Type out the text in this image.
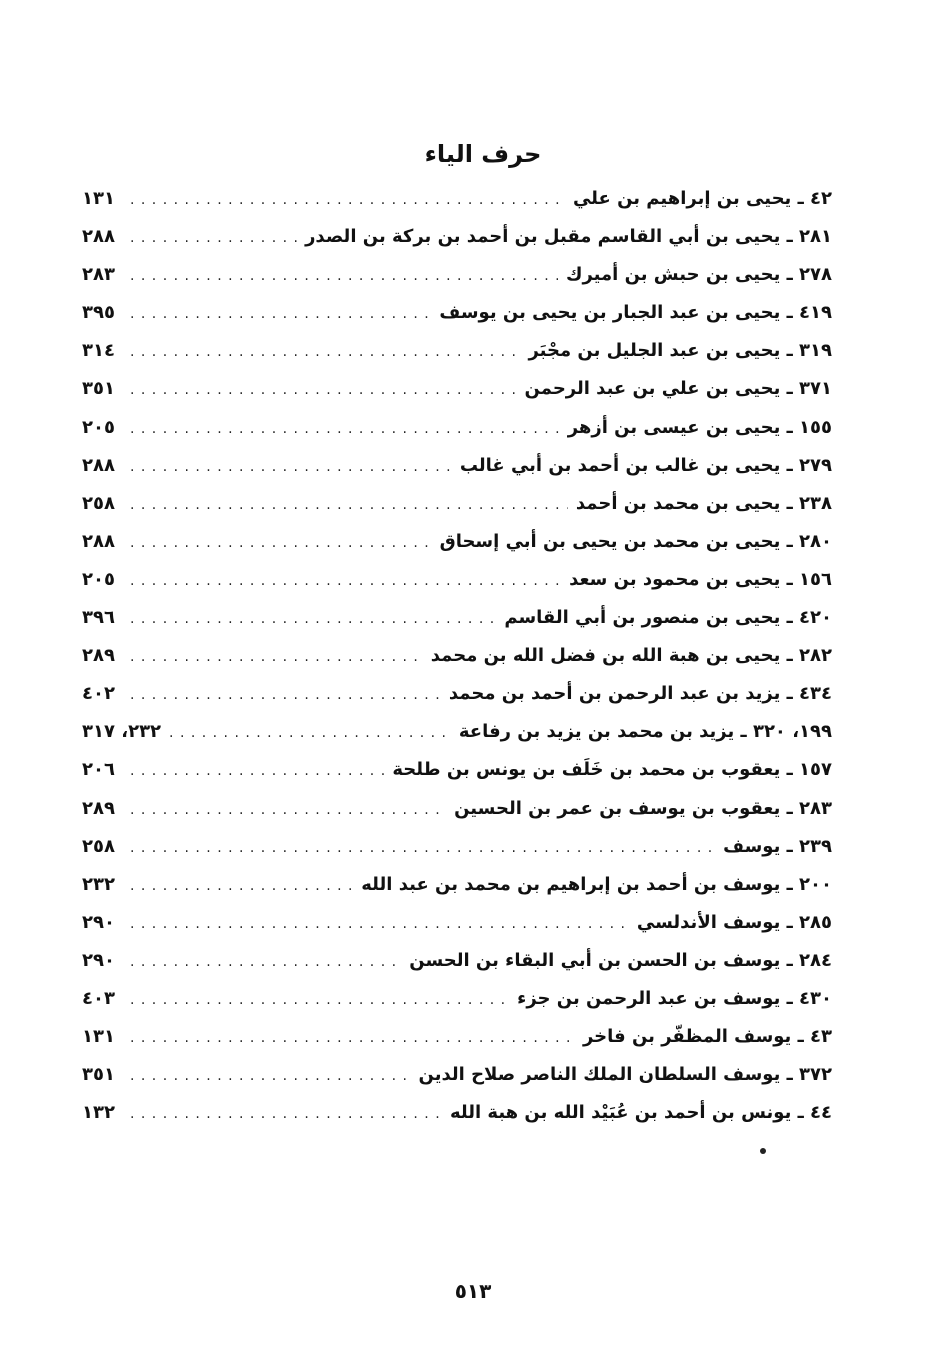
حرف الياء
٤٢ ـ يحيى بن إبراهيم بن علي
. . .
١٣١
٢٨١ ـ يحيى بن أبي القاسم مقبل بن أحمد بن بركة بن الصدر
. . .
٢٨٨
٢٧٨ ـ يحيى بن حبش بن أميرك
. . .
٢٨٣
٤١٩ ـ يحيى بن عبد الجبار بن يحيى بن يوسف
. . .
٣٩٥
٣١٩ ـ يحيى بن عبد الجليل بن مجْبَر
. . .
٣١٤
٣٧١ ـ يحيى بن علي بن عبد الرحمن
. . .
٣٥١
١٥٥ ـ يحيى بن عيسى بن أزهر
. . .
٢٠٥
٢٧٩ ـ يحيى بن غالب بن أحمد بن أبي غالب
. . .
٢٨٨
٢٣٨ ـ يحيى بن محمد بن أحمد
. . .
٢٥٨
٢٨٠ ـ يحيى بن محمد بن يحيى بن أبي إسحاق
. . .
٢٨٨
١٥٦ ـ يحيى بن محمود بن سعد
. . .
٢٠٥
٤٢٠ ـ يحيى بن منصور بن أبي القاسم
. . .
٣٩٦
٢٨٢ ـ يحيى بن هبة الله بن فضل الله بن محمد
. . .
٢٨٩
٤٣٤ ـ يزيد بن عبد الرحمن بن أحمد بن محمد
. . .
٤٠٢
١٩٩، ٣٢٠ ـ يزيد بن محمد بن يزيد بن رفاعة
. . .
٢٣٢، ٣١٧
١٥٧ ـ يعقوب بن محمد بن خَلَف بن يونس بن طلحة
. . .
٢٠٦
٢٨٣ ـ يعقوب بن يوسف بن عمر بن الحسين
. . .
٢٨٩
٢٣٩ ـ يوسف
. . .
٢٥٨
٢٠٠ ـ يوسف بن أحمد بن إبراهيم بن محمد بن عبد الله
. . .
٢٣٢
٢٨٥ ـ يوسف الأندلسي
. . .
٢٩٠
٢٨٤ ـ يوسف بن الحسن بن أبي البقاء بن الحسن
. . .
٢٩٠
٤٣٠ ـ يوسف بن عبد الرحمن بن جزء
. . .
٤٠٣
٤٣ ـ يوسف المظفّر بن فاخر
. . .
١٣١
٣٧٢ ـ يوسف السلطان الملك الناصر صلاح الدين
. . .
٣٥١
٤٤ ـ يونس بن أحمد بن عُبَيْد الله بن هبة الله
. . .
١٣٢
٥١٣
